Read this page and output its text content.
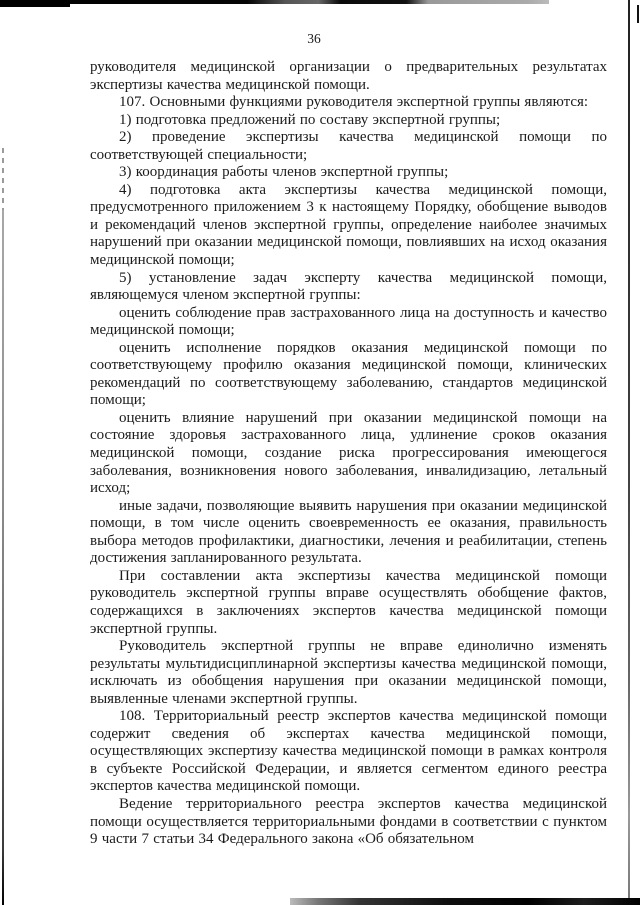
36

руководителя медицинской организации о предварительных результатах экспертизы качества медицинской помощи.

107. Основными функциями руководителя экспертной группы являются:

1) подготовка предложений по составу экспертной группы;

2) проведение экспертизы качества медицинской помощи по соответствующей специальности;

3) координация работы членов экспертной группы;

4) подготовка акта экспертизы качества медицинской помощи, предусмотренного приложением 3 к настоящему Порядку, обобщение выводов и рекомендаций членов экспертной группы, определение наиболее значимых нарушений при оказании медицинской помощи, повлиявших на исход оказания медицинской помощи;

5) установление задач эксперту качества медицинской помощи, являющемуся членом экспертной группы:

оценить соблюдение прав застрахованного лица на доступность и качество медицинской помощи;

оценить исполнение порядков оказания медицинской помощи по соответствующему профилю оказания медицинской помощи, клинических рекомендаций по соответствующему заболеванию, стандартов медицинской помощи;

оценить влияние нарушений при оказании медицинской помощи на состояние здоровья застрахованного лица, удлинение сроков оказания медицинской помощи, создание риска прогрессирования имеющегося заболевания, возникновения нового заболевания, инвалидизацию, летальный исход;

иные задачи, позволяющие выявить нарушения при оказании медицинской помощи, в том числе оценить своевременность ее оказания, правильность выбора методов профилактики, диагностики, лечения и реабилитации, степень достижения запланированного результата.

При составлении акта экспертизы качества медицинской помощи руководитель экспертной группы вправе осуществлять обобщение фактов, содержащихся в заключениях экспертов качества медицинской помощи экспертной группы.

Руководитель экспертной группы не вправе единолично изменять результаты мультидисциплинарной экспертизы качества медицинской помощи, исключать из обобщения нарушения при оказании медицинской помощи, выявленные членами экспертной группы.

108. Территориальный реестр экспертов качества медицинской помощи содержит сведения об экспертах качества медицинской помощи, осуществляющих экспертизу качества медицинской помощи в рамках контроля в субъекте Российской Федерации, и является сегментом единого реестра экспертов качества медицинской помощи.

Ведение территориального реестра экспертов качества медицинской помощи осуществляется территориальными фондами в соответствии с пунктом 9 части 7 статьи 34 Федерального закона «Об обязательном
